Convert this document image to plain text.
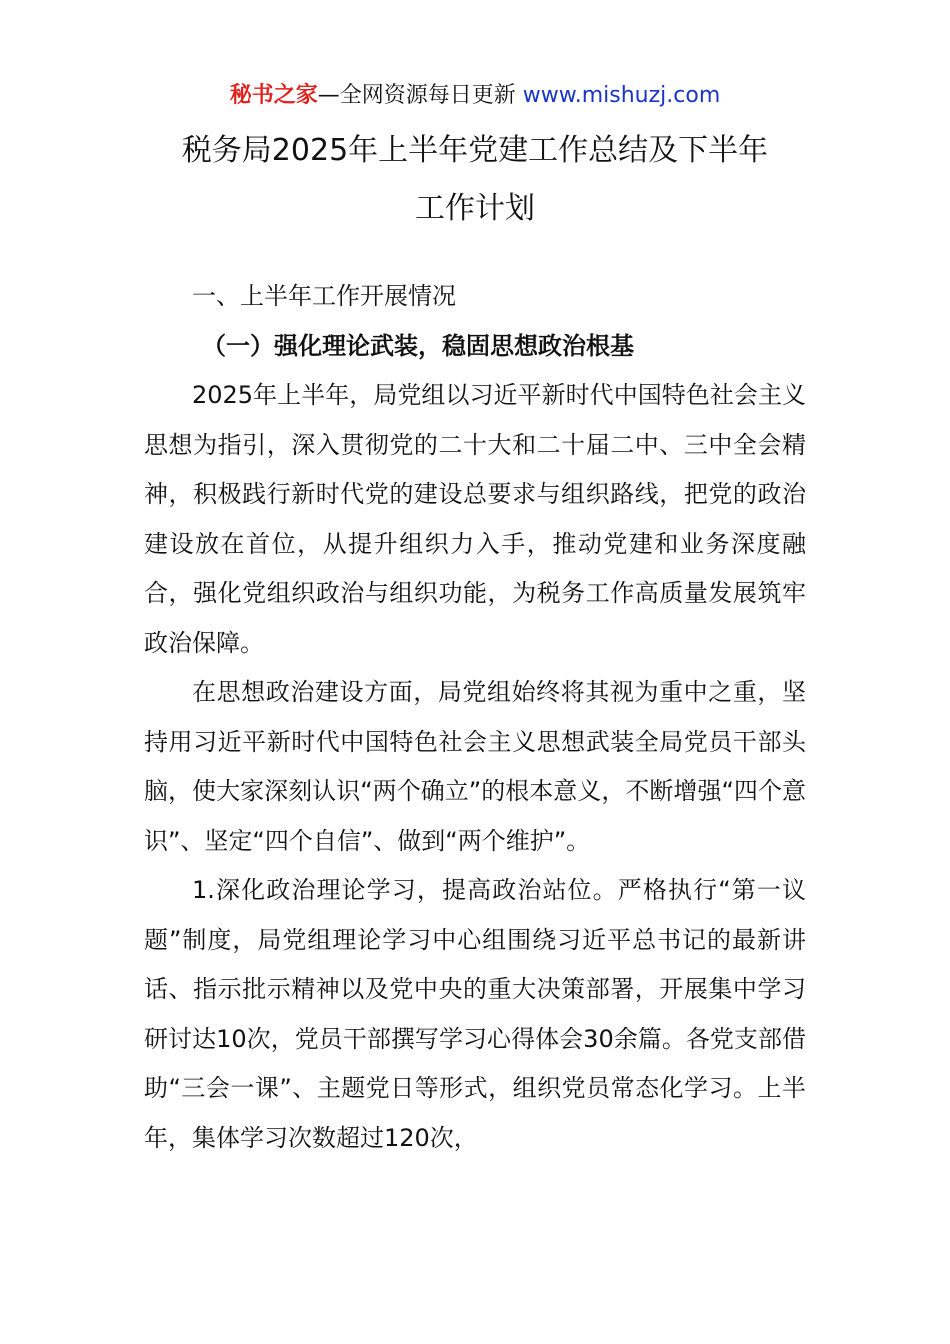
秘书之家—全网资源每日更新 www.mishuzj.com
税务局2025年上半年党建工作总结及下半年
工作计划

一、上半年工作开展情况

（一）强化理论武装，稳固思想政治根基

2025年上半年，局党组以习近平新时代中国特色社会主义思想为指引，深入贯彻党的二十大和二十届二中、三中全会精神，积极践行新时代党的建设总要求与组织路线，把党的政治建设放在首位，从提升组织力入手，推动党建和业务深度融合，强化党组织政治与组织功能，为税务工作高质量发展筑牢政治保障。

在思想政治建设方面，局党组始终将其视为重中之重，坚持用习近平新时代中国特色社会主义思想武装全局党员干部头脑，使大家深刻认识“两个确立”的根本意义，不断增强“四个意识”、坚定“四个自信”、做到“两个维护”。

1.深化政治理论学习，提高政治站位。严格执行“第一议题”制度，局党组理论学习中心组围绕习近平总书记的最新讲话、指示批示精神以及党中央的重大决策部署，开展集中学习研讨达10次，党员干部撰写学习心得体会30余篇。各党支部借助“三会一课”、主题党日等形式，组织党员常态化学习。上半年，集体学习次数超过120次，
